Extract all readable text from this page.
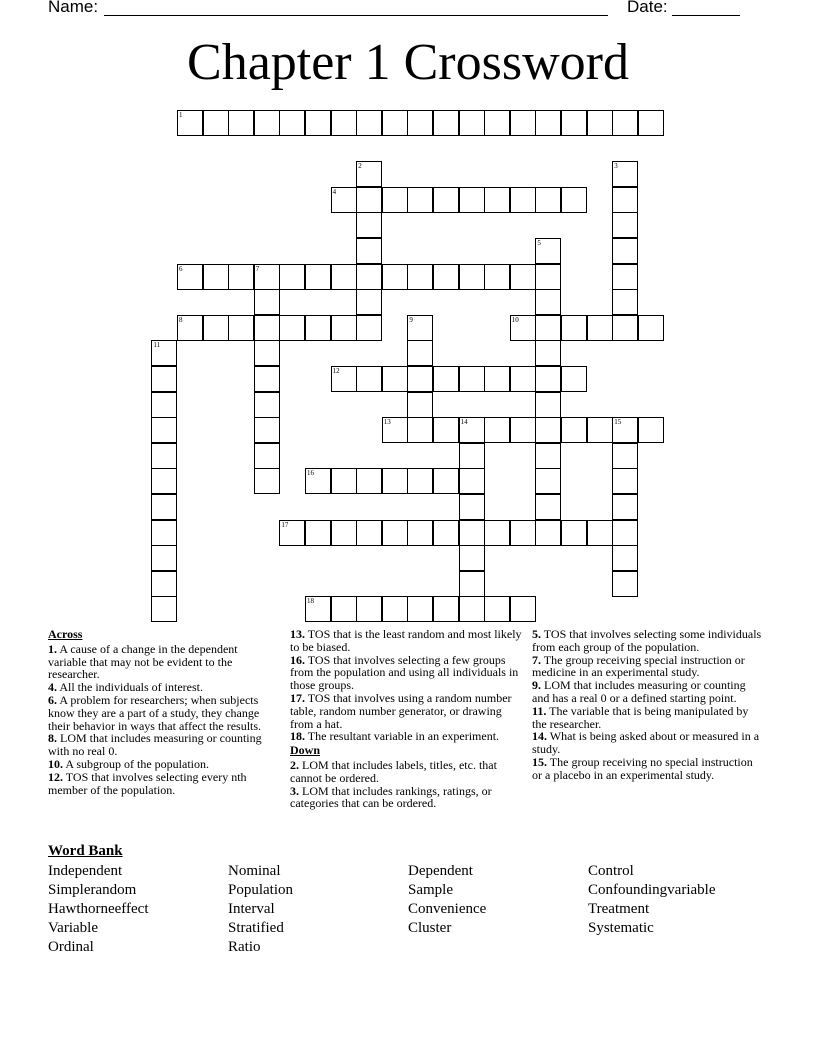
Name:	Date:
Chapter 1 Crossword
1
2	3
4
5
6	7
8	9	10
11
12
13	14	15
16
17
18
Across
1. A cause of a change in the dependent variable that may not be evident to the researcher.
4. All the individuals of interest.
6. A problem for researchers; when subjects know they are a part of a study, they change their behavior in ways that affect the results.
8. LOM that includes measuring or counting with no real 0.
10. A subgroup of the population.
12. TOS that involves selecting every nth member of the population.
13. TOS that is the least random and most likely to be biased.
16. TOS that involves selecting a few groups from the population and using all individuals in those groups.
17. TOS that involves using a random number table, random number generator, or drawing from a hat.
18. The resultant variable in an experiment.
Down
2. LOM that includes labels, titles, etc. that cannot be ordered.
3. LOM that includes rankings, ratings, or categories that can be ordered.
5. TOS that involves selecting some individuals from each group of the population.
7. The group receiving special instruction or medicine in an experimental study.
9. LOM that includes measuring or counting and has a real 0 or a defined starting point.
11. The variable that is being manipulated by the researcher.
14. What is being asked about or measured in a study.
15. The group receiving no special instruction or a placebo in an experimental study.
Word Bank
Independent
Simplerandom
Hawthorneeffect
Variable
Ordinal
Nominal
Population
Interval
Stratified
Ratio
Dependent
Sample
Convenience
Cluster
Control
Confoundingvariable
Treatment
Systematic
